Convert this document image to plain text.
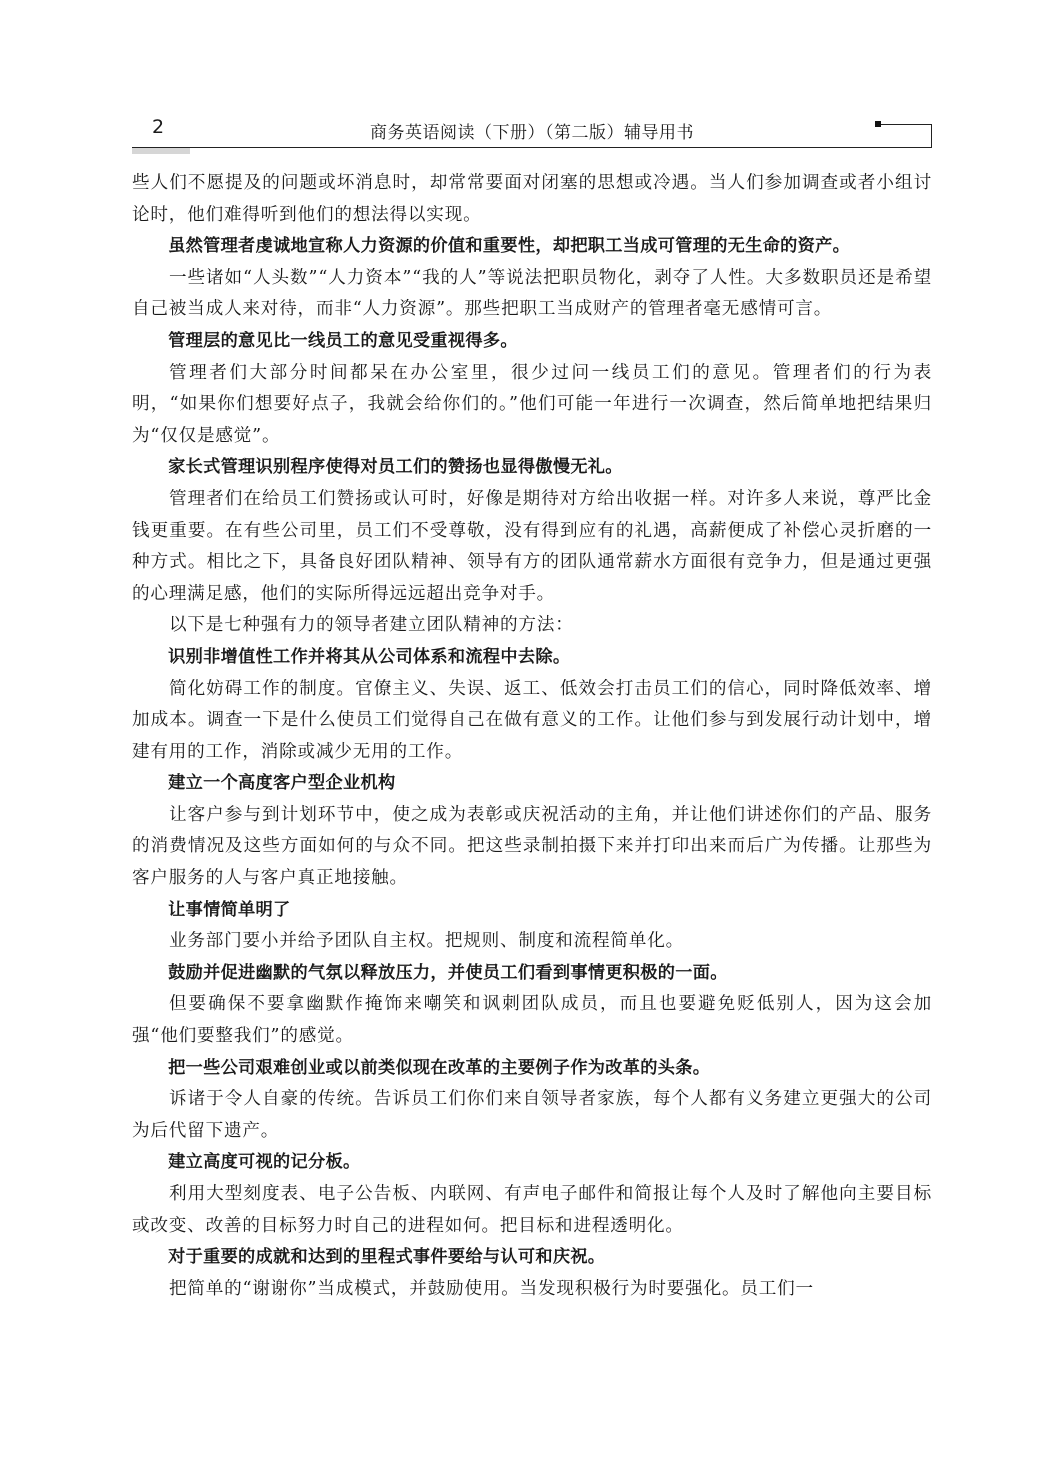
2	商务英语阅读（下册）（第二版）辅导用书

些人们不愿提及的问题或坏消息时，却常常要面对闭塞的思想或冷遇。当人们参加调查或者小组讨论时，他们难得听到他们的想法得以实现。

虽然管理者虔诚地宣称人力资源的价值和重要性，却把职工当成可管理的无生命的资产。

一些诸如“人头数”“人力资本”“我的人”等说法把职员物化，剥夺了人性。大多数职员还是希望自己被当成人来对待，而非“人力资源”。那些把职工当成财产的管理者毫无感情可言。

管理层的意见比一线员工的意见受重视得多。

管理者们大部分时间都呆在办公室里，很少过问一线员工们的意见。管理者们的行为表明，“如果你们想要好点子，我就会给你们的。”他们可能一年进行一次调查，然后简单地把结果归为“仅仅是感觉”。

家长式管理识别程序使得对员工们的赞扬也显得傲慢无礼。

管理者们在给员工们赞扬或认可时，好像是期待对方给出收据一样。对许多人来说，尊严比金钱更重要。在有些公司里，员工们不受尊敬，没有得到应有的礼遇，高薪便成了补偿心灵折磨的一种方式。相比之下，具备良好团队精神、领导有方的团队通常薪水方面很有竞争力，但是通过更强的心理满足感，他们的实际所得远远超出竞争对手。

以下是七种强有力的领导者建立团队精神的方法：

识别非增值性工作并将其从公司体系和流程中去除。

简化妨碍工作的制度。官僚主义、失误、返工、低效会打击员工们的信心，同时降低效率、增加成本。调查一下是什么使员工们觉得自己在做有意义的工作。让他们参与到发展行动计划中，增建有用的工作，消除或减少无用的工作。

建立一个高度客户型企业机构

让客户参与到计划环节中，使之成为表彰或庆祝活动的主角，并让他们讲述你们的产品、服务的消费情况及这些方面如何的与众不同。把这些录制拍摄下来并打印出来而后广为传播。让那些为客户服务的人与客户真正地接触。

让事情简单明了

业务部门要小并给予团队自主权。把规则、制度和流程简单化。

鼓励并促进幽默的气氛以释放压力，并使员工们看到事情更积极的一面。

但要确保不要拿幽默作掩饰来嘲笑和讽刺团队成员，而且也要避免贬低别人，因为这会加强“他们要整我们”的感觉。

把一些公司艰难创业或以前类似现在改革的主要例子作为改革的头条。

诉诸于令人自豪的传统。告诉员工们你们来自领导者家族，每个人都有义务建立更强大的公司为后代留下遗产。

建立高度可视的记分板。

利用大型刻度表、电子公告板、内联网、有声电子邮件和简报让每个人及时了解他向主要目标或改变、改善的目标努力时自己的进程如何。把目标和进程透明化。

对于重要的成就和达到的里程式事件要给与认可和庆祝。

把简单的“谢谢你”当成模式，并鼓励使用。当发现积极行为时要强化。员工们一
